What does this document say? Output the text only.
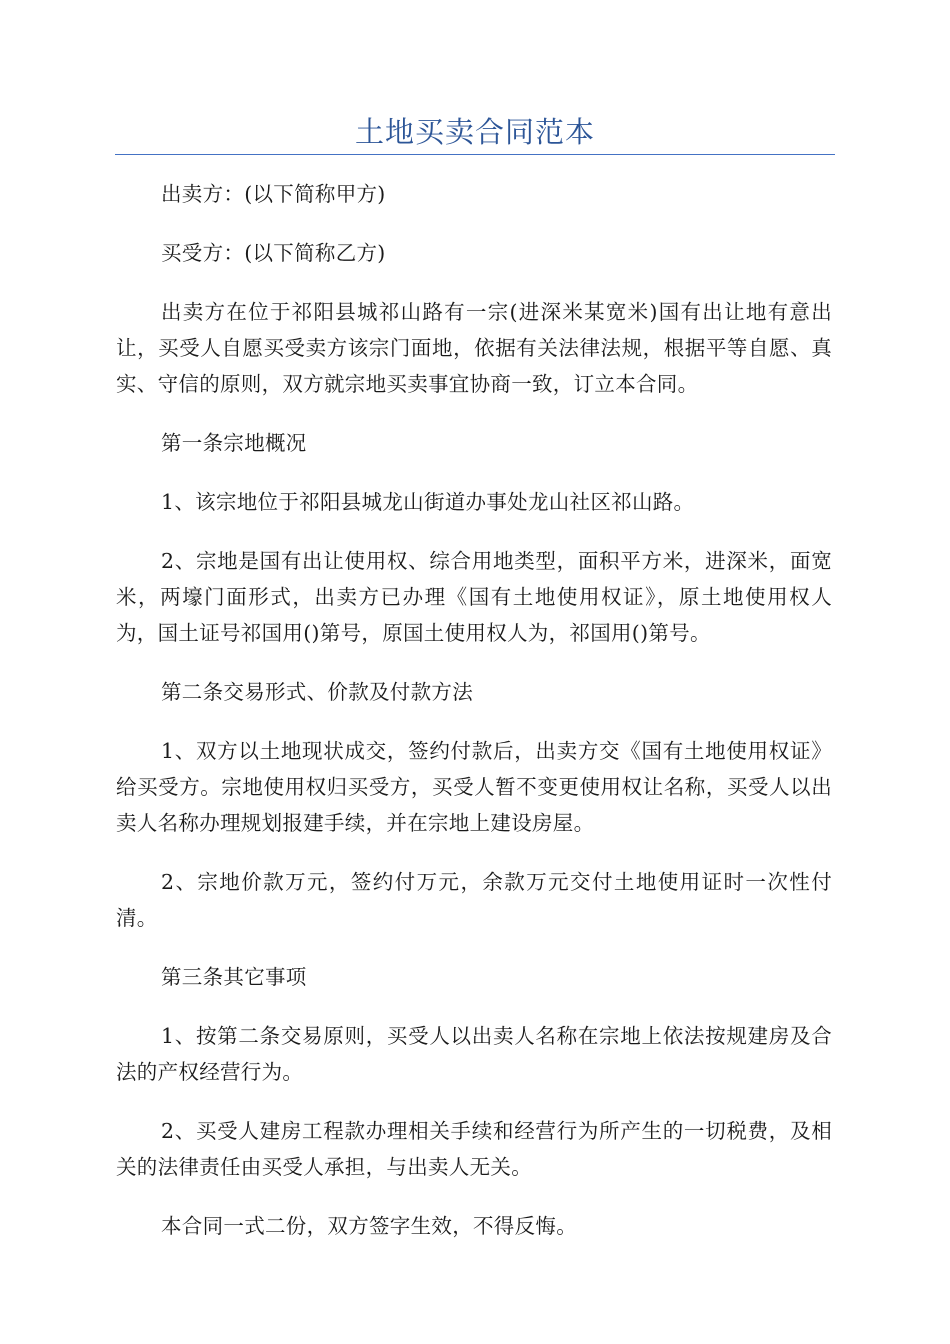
土地买卖合同范本

出卖方：(以下简称甲方)

买受方：(以下简称乙方)

出卖方在位于祁阳县城祁山路有一宗(进深米某宽米)国有出让地有意出让，买受人自愿买受卖方该宗门面地，依据有关法律法规，根据平等自愿、真实、守信的原则，双方就宗地买卖事宜协商一致，订立本合同。

第一条宗地概况

1、该宗地位于祁阳县城龙山街道办事处龙山社区祁山路。

2、宗地是国有出让使用权、综合用地类型，面积平方米，进深米，面宽米，两壕门面形式，出卖方已办理《国有土地使用权证》，原土地使用权人为，国土证号祁国用()第号，原国土使用权人为，祁国用()第号。

第二条交易形式、价款及付款方法

1、双方以土地现状成交，签约付款后，出卖方交《国有土地使用权证》给买受方。宗地使用权归买受方，买受人暂不变更使用权让名称，买受人以出卖人名称办理规划报建手续，并在宗地上建设房屋。

2、宗地价款万元，签约付万元，余款万元交付土地使用证时一次性付清。

第三条其它事项

1、按第二条交易原则，买受人以出卖人名称在宗地上依法按规建房及合法的产权经营行为。

2、买受人建房工程款办理相关手续和经营行为所产生的一切税费，及相关的法律责任由买受人承担，与出卖人无关。

本合同一式二份，双方签字生效，不得反悔。
